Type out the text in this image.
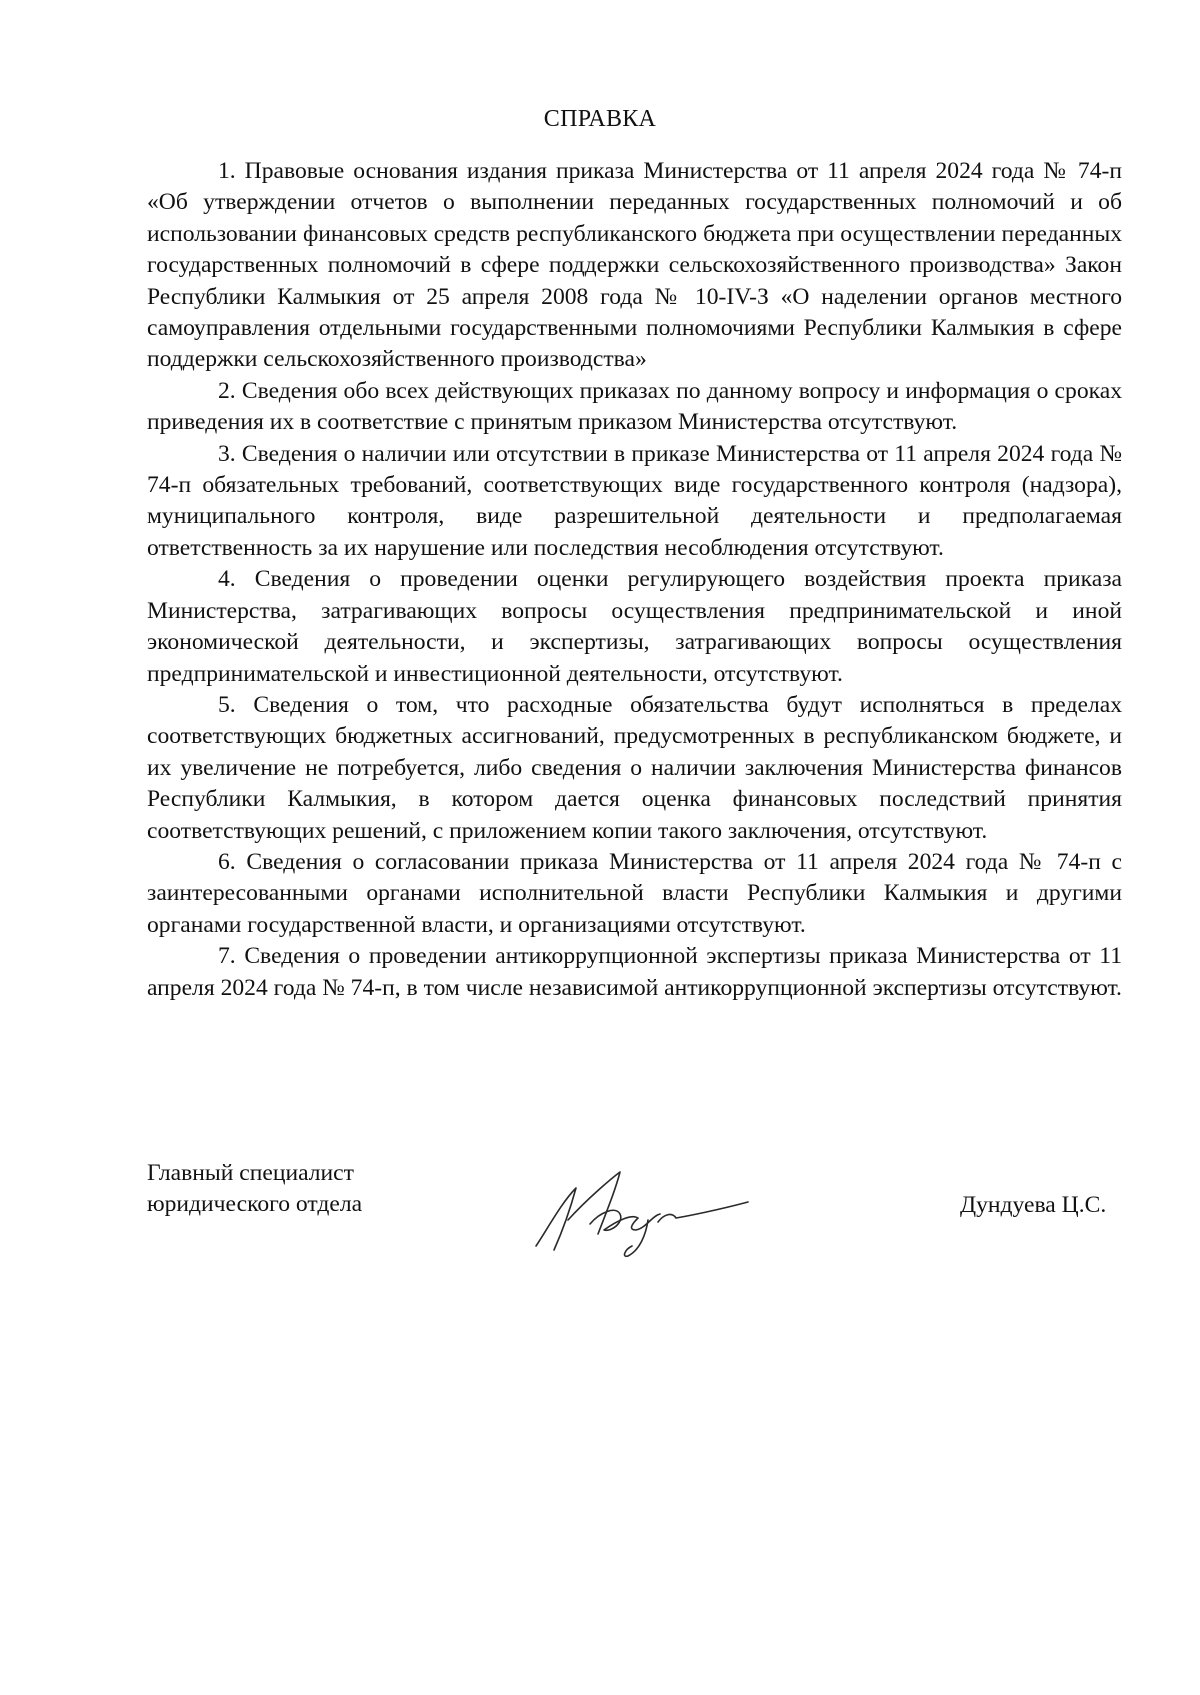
СПРАВКА

1. Правовые основания издания приказа Министерства от 11 апреля 2024 года № 74-п «Об утверждении отчетов о выполнении переданных государственных полномочий и об использовании финансовых средств республиканского бюджета при осуществлении переданных государственных полномочий в сфере поддержки сельскохозяйственного производства» Закон Республики Калмыкия от 25 апреля 2008 года № 10-IV-З «О наделении органов местного самоуправления отдельными государственными полномочиями Республики Калмыкия в сфере поддержки сельскохозяйственного производства»

2. Сведения обо всех действующих приказах по данному вопросу и информация о сроках приведения их в соответствие с принятым приказом Министерства отсутствуют.

3. Сведения о наличии или отсутствии в приказе Министерства от 11 апреля 2024 года № 74-п обязательных требований, соответствующих виде государственного контроля (надзора), муниципального контроля, виде разрешительной деятельности и предполагаемая ответственность за их нарушение или последствия несоблюдения отсутствуют.

4. Сведения о проведении оценки регулирующего воздействия проекта приказа Министерства, затрагивающих вопросы осуществления предпринимательской и иной экономической деятельности, и экспертизы, затрагивающих вопросы осуществления предпринимательской и инвестиционной деятельности, отсутствуют.

5. Сведения о том, что расходные обязательства будут исполняться в пределах соответствующих бюджетных ассигнований, предусмотренных в республиканском бюджете, и их увеличение не потребуется, либо сведения о наличии заключения Министерства финансов Республики Калмыкия, в котором дается оценка финансовых последствий принятия соответствующих решений, с приложением копии такого заключения, отсутствуют.

6. Сведения о согласовании приказа Министерства от 11 апреля 2024 года № 74-п с заинтересованными органами исполнительной власти Республики Калмыкия и другими органами государственной власти, и организациями отсутствуют.

7. Сведения о проведении антикоррупционной экспертизы приказа Министерства от 11 апреля 2024 года № 74-п, в том числе независимой антикоррупционной экспертизы отсутствуют.

Главный специалист
юридического отдела	Дундуева Ц.С.
